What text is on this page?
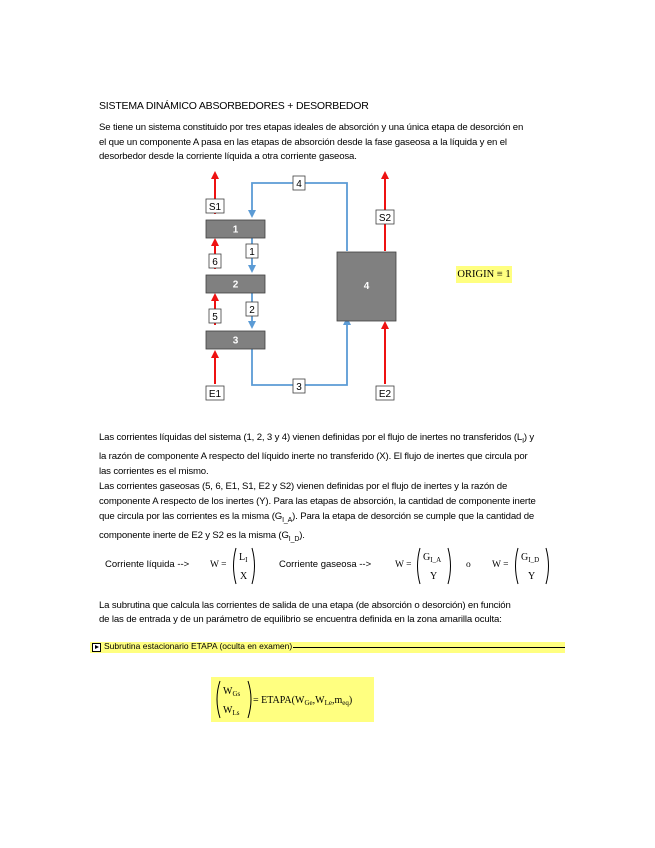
SISTEMA DINÁMICO ABSORBEDORES + DESORBEDOR
Se tiene un sistema constituido por tres etapas ideales de absorción y una única etapa de desorción en el que un componente A pasa en las etapas de absorción desde la fase gaseosa a la líquida y en el desorbedor desde la corriente líquida a otra corriente gaseosa.
1
2
3
4
S1
6
5
E1
4
1
2
3
S2
E2
ORIGIN ≡ 1
Las corrientes líquidas del sistema (1, 2, 3 y 4) vienen definidas por el flujo de inertes no transferidos $(L_I)$ y la razón de componente A respecto del líquido inerte no transferido (X). El flujo de inertes que circula por las corrientes es el mismo.
Las corrientes gaseosas (5, 6, E1, S1, E2 y S2) vienen definidas por el flujo de inertes y la razón de componente A respecto de los inertes (Y). Para las etapas de absorción, la cantidad de componente inerte que circula por las corrientes es la misma $(G_{I\_A})$. Para la etapa de desorción se cumple que la cantidad de componente inerte de E2 y S2 es la misma $(G_{I\_D})$.
Corriente líquida --> W =
$L_I$
X
Corriente gaseosa -->	W =
$G_{I\_A}$
Y
o W =
$G_{I\_D}$
Y
La subrutina que calcula las corrientes de salida de una etapa (de absorción o desorción) en función de las de entrada y de un parámetro de equilibrio se encuentra definida en la zona amarilla oculta:
Subrutina estacionario ETAPA (oculta en examen)
$W_{Gs}$
$W_{Ls}$
= $ETAPA(W_{Ge},W_{Le},m_{eq})$
